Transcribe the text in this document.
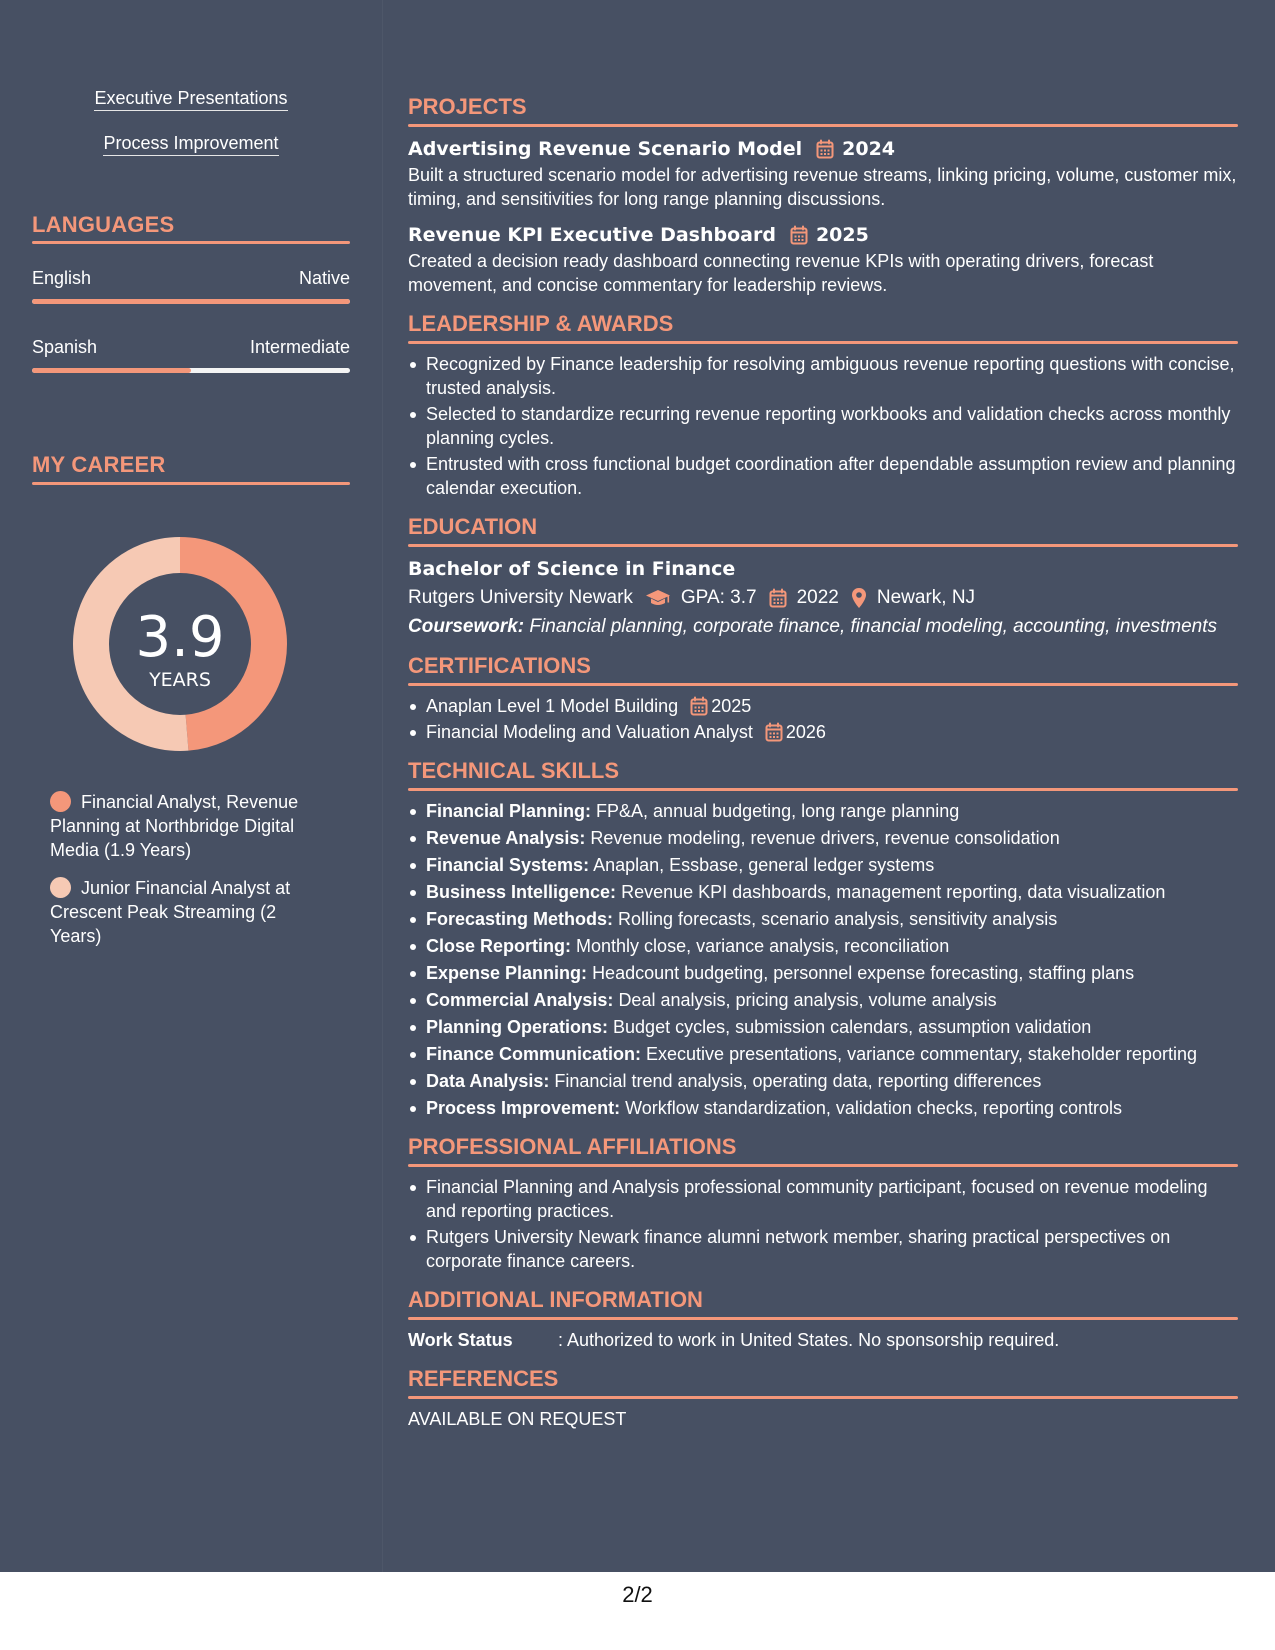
Executive Presentations
Process Improvement
LANGUAGES
English	Native
Spanish	Intermediate
MY CAREER
3.9
YEARS
Financial Analyst, Revenue Planning at Northbridge Digital Media (1.9 Years)
Junior Financial Analyst at Crescent Peak Streaming (2 Years)
PROJECTS
Advertising Revenue Scenario Model 2024
Built a structured scenario model for advertising revenue streams, linking pricing, volume, customer mix, timing, and sensitivities for long range planning discussions.
Revenue KPI Executive Dashboard 2025
Created a decision ready dashboard connecting revenue KPIs with operating drivers, forecast movement, and concise commentary for leadership reviews.
LEADERSHIP & AWARDS
Recognized by Finance leadership for resolving ambiguous revenue reporting questions with concise, trusted analysis.
Selected to standardize recurring revenue reporting workbooks and validation checks across monthly planning cycles.
Entrusted with cross functional budget coordination after dependable assumption review and planning calendar execution.
EDUCATION
Bachelor of Science in Finance
Rutgers University Newark	GPA: 3.7 2022 Newark, NJ
Coursework: Financial planning, corporate finance, financial modeling, accounting, investments
CERTIFICATIONS
Anaplan Level 1 Model Building 2025
Financial Modeling and Valuation Analyst 2026
TECHNICAL SKILLS
Financial Planning: FP&A, annual budgeting, long range planning
Revenue Analysis: Revenue modeling, revenue drivers, revenue consolidation
Financial Systems: Anaplan, Essbase, general ledger systems
Business Intelligence: Revenue KPI dashboards, management reporting, data visualization
Forecasting Methods: Rolling forecasts, scenario analysis, sensitivity analysis
Close Reporting: Monthly close, variance analysis, reconciliation
Expense Planning: Headcount budgeting, personnel expense forecasting, staffing plans
Commercial Analysis: Deal analysis, pricing analysis, volume analysis
Planning Operations: Budget cycles, submission calendars, assumption validation
Finance Communication: Executive presentations, variance commentary, stakeholder reporting
Data Analysis: Financial trend analysis, operating data, reporting differences
Process Improvement: Workflow standardization, validation checks, reporting controls
PROFESSIONAL AFFILIATIONS
Financial Planning and Analysis professional community participant, focused on revenue modeling and reporting practices.
Rutgers University Newark finance alumni network member, sharing practical perspectives on corporate finance careers.
ADDITIONAL INFORMATION
Work Status	: Authorized to work in United States. No sponsorship required.
REFERENCES
AVAILABLE ON REQUEST
2/2
